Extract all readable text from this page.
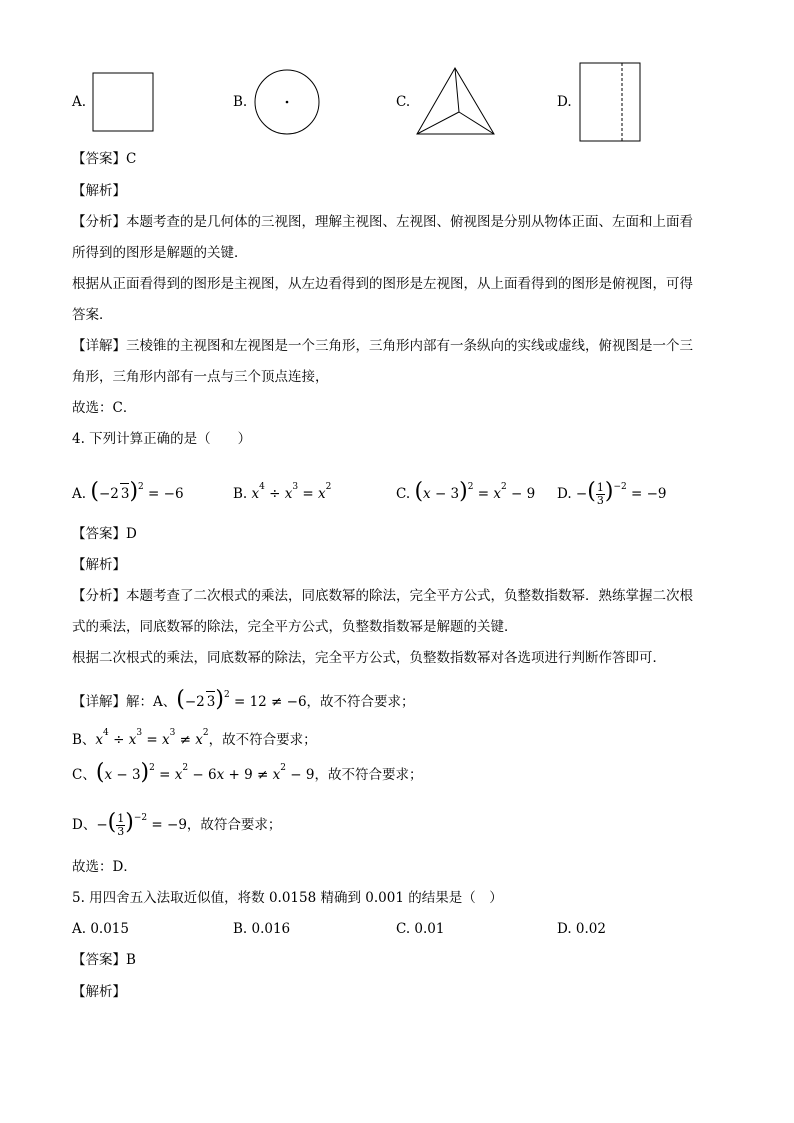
A.	B.	C.	D.
【答案】C
【解析】
【分析】本题考查的是几何体的三视图，理解主视图、左视图、俯视图是分别从物体正面、左面和上面看
所得到的图形是解题的关键．
根据从正面看得到的图形是主视图，从左边看得到的图形是左视图，从上面看得到的图形是俯视图，可得
答案．
【详解】三棱锥的主视图和左视图是一个三角形，三角形内部有一条纵向的实线或虚线，俯视图是一个三
角形，三角形内部有一点与三个顶点连接，
故选：C．
4. 下列计算正确的是（　　）
A. (−2 3)$^2$ = −6	B. $x^4 \div x^3 = x^2$	C. $(x - 3)^2 = x^2 - 9$ D. −( $\frac{1}{3} )^{-2} = -9$
【答案】D
【解析】
【分析】本题考查了二次根式的乘法，同底数幂的除法，完全平方公式，负整数指数幂．熟练掌握二次根
式的乘法，同底数幂的除法，完全平方公式，负整数指数幂是解题的关键．
根据二次根式的乘法，同底数幂的除法，完全平方公式，负整数指数幂对各选项进行判断作答即可．
【详解】解：A、(−2 3)$^2$ = 12 ≠ −6，故不符合要求；
B、$x^4 \div x^3 = x^3 \ne x^2$，故不符合要求；
C、$(x - 3)^2 = x^2 - 6x + 9 \ne x^2 - 9$，故不符合要求；
D、−( $\frac{1}{3} )^{-2} = -9$，故符合要求；
故选：D．
5. 用四舍五入法取近似值，将数 0.0158 精确到 0.001 的结果是（　）
A. 0.015	B. 0.016	C. 0.01	D. 0.02
【答案】B
【解析】
